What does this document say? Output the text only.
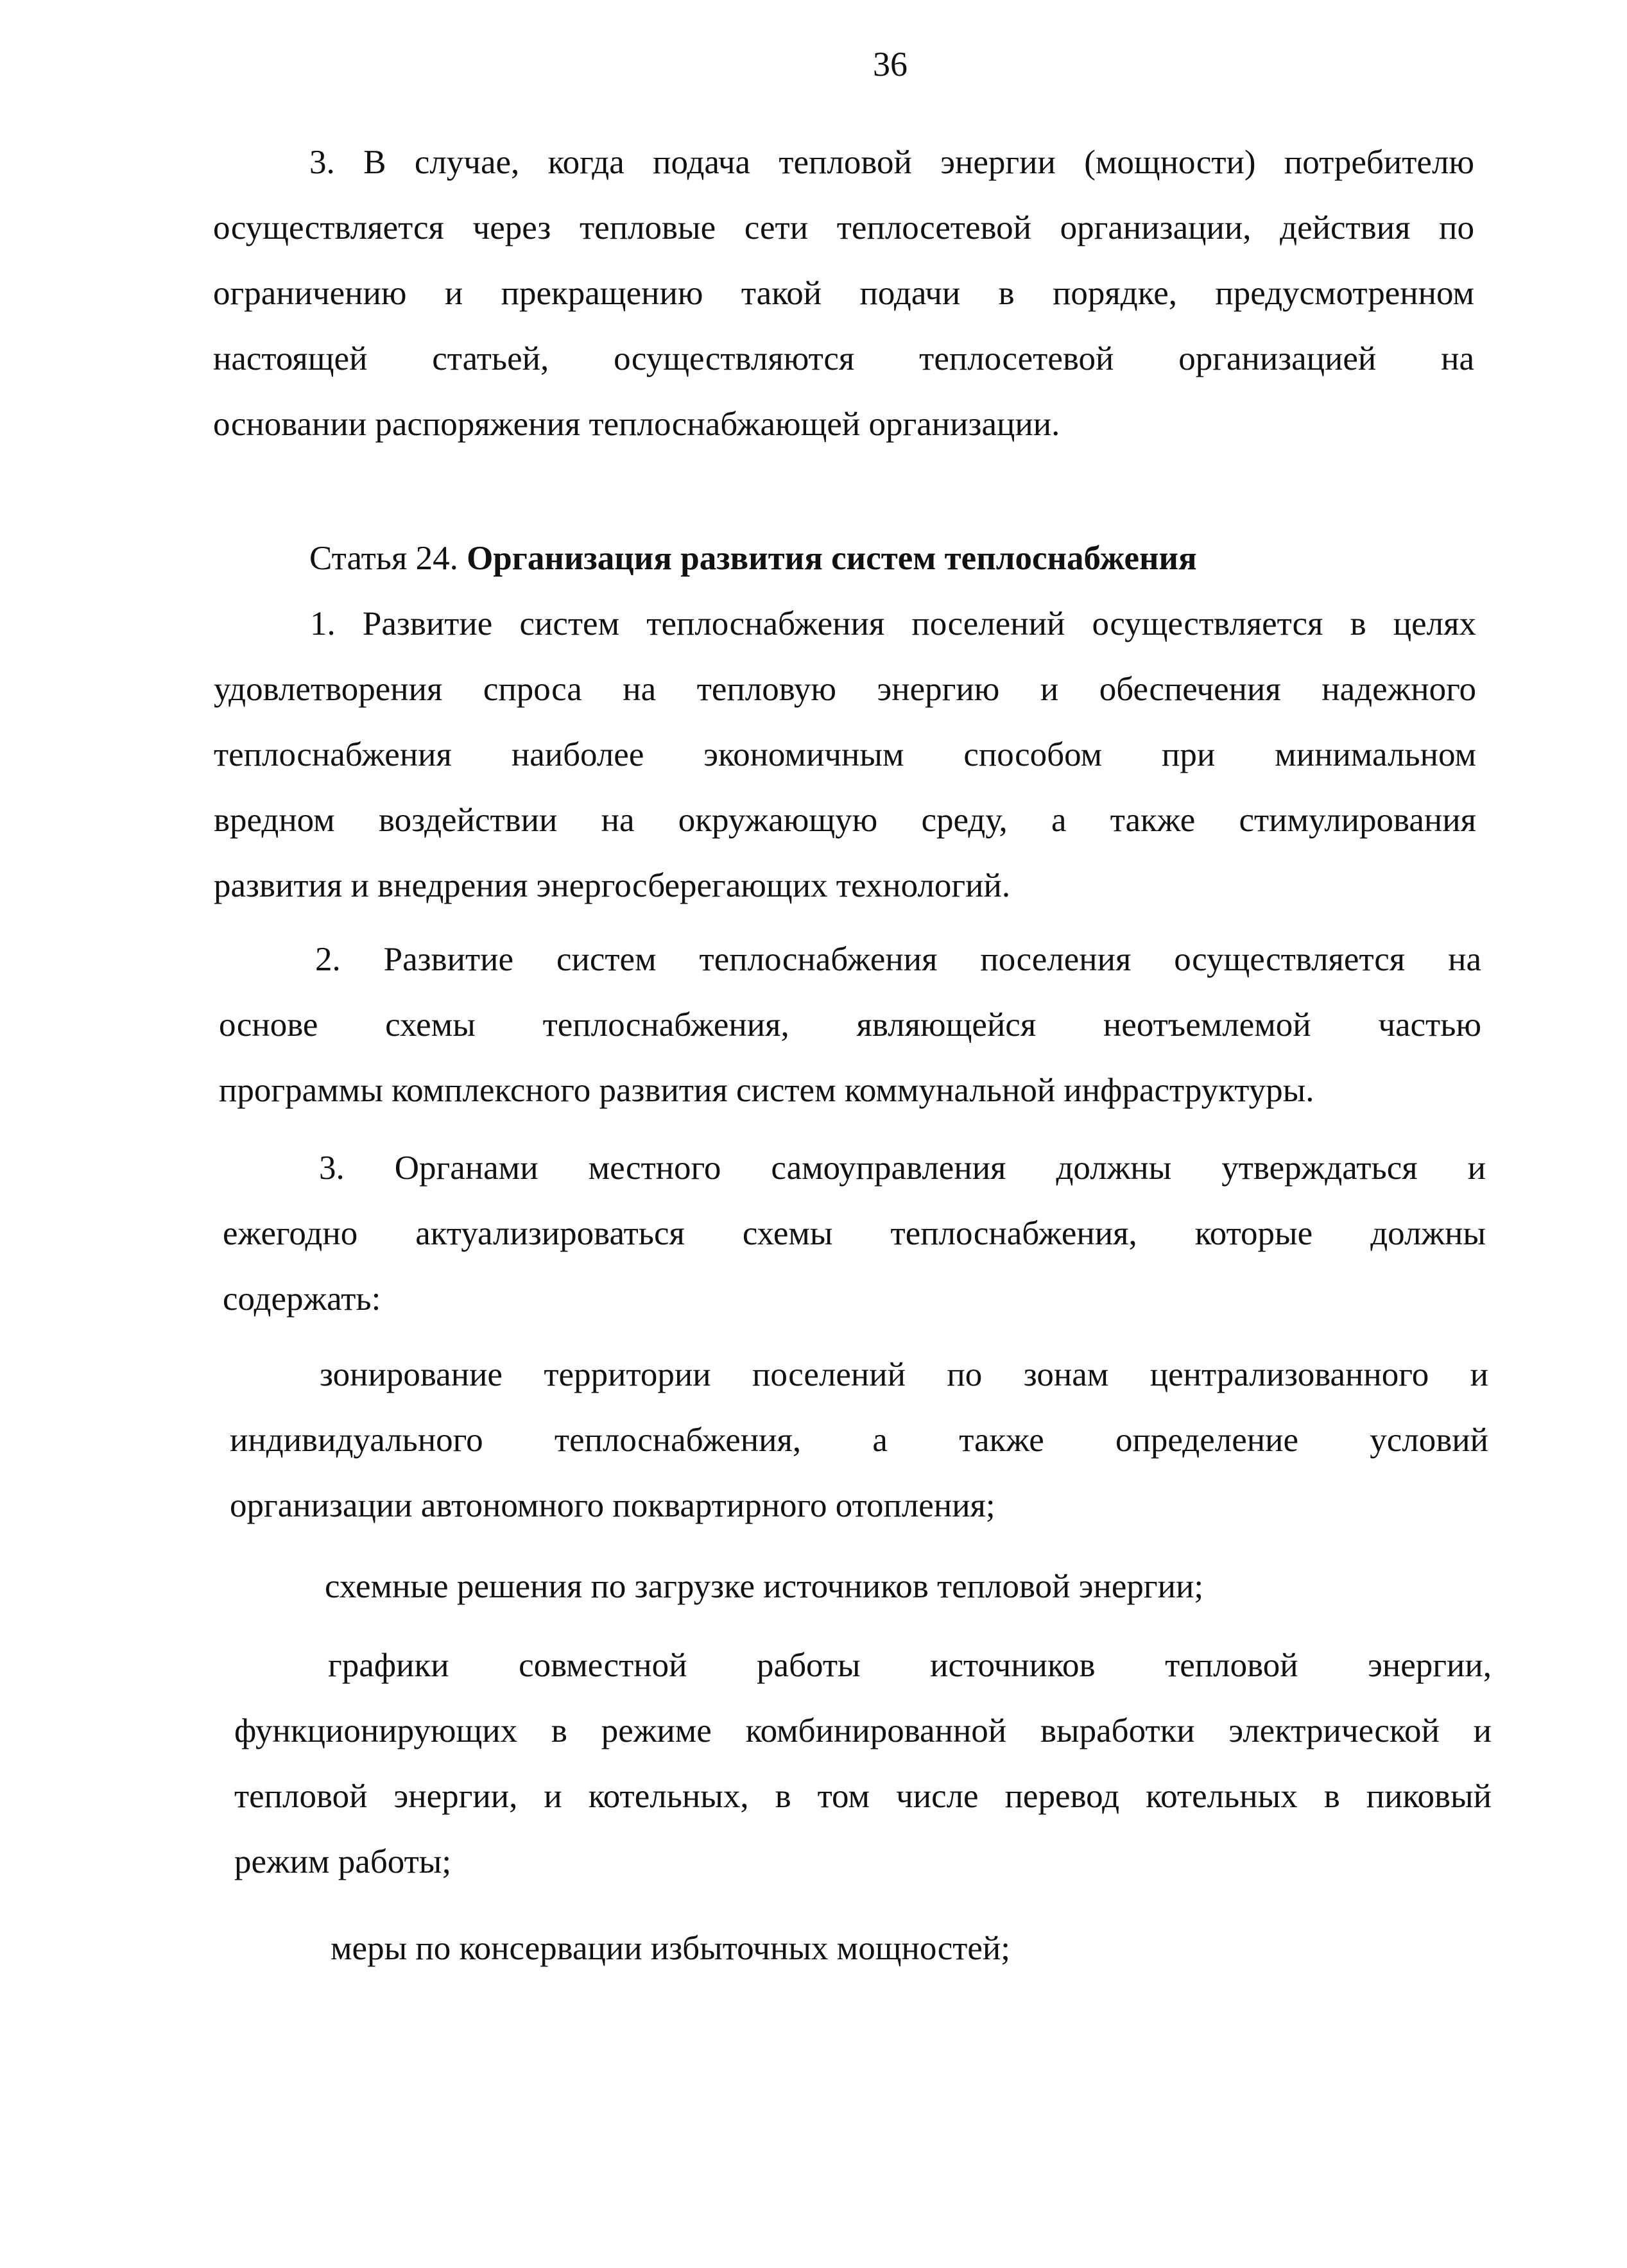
36
Статья 24. Организация развития систем теплоснабжения
3. В случае, когда подача тепловой энергии (мощности) потребителю
осуществляется через тепловые сети теплосетевой организации, действия по
ограничению и прекращению такой подачи в порядке, предусмотренном
настоящей статьей, осуществляются теплосетевой организацией на
основании распоряжения теплоснабжающей организации.
1. Развитие систем теплоснабжения поселений осуществляется в целях
удовлетворения спроса на тепловую энергию и обеспечения надежного
теплоснабжения наиболее экономичным способом при минимальном
вредном воздействии на окружающую среду, а также стимулирования
развития и внедрения энергосберегающих технологий.
2. Развитие систем теплоснабжения поселения осуществляется на
основе схемы теплоснабжения, являющейся неотъемлемой частью
программы комплексного развития систем коммунальной инфраструктуры.
3. Органами местного самоуправления должны утверждаться и
ежегодно актуализироваться схемы теплоснабжения, которые должны
содержать:
зонирование территории поселений по зонам централизованного и
индивидуального теплоснабжения, а также определение условий
организации автономного поквартирного отопления;
схемные решения по загрузке источников тепловой энергии;
графики совместной работы источников тепловой энергии,
функционирующих в режиме комбинированной выработки электрической и
тепловой энергии, и котельных, в том числе перевод котельных в пиковый
режим работы;
меры по консервации избыточных мощностей;
